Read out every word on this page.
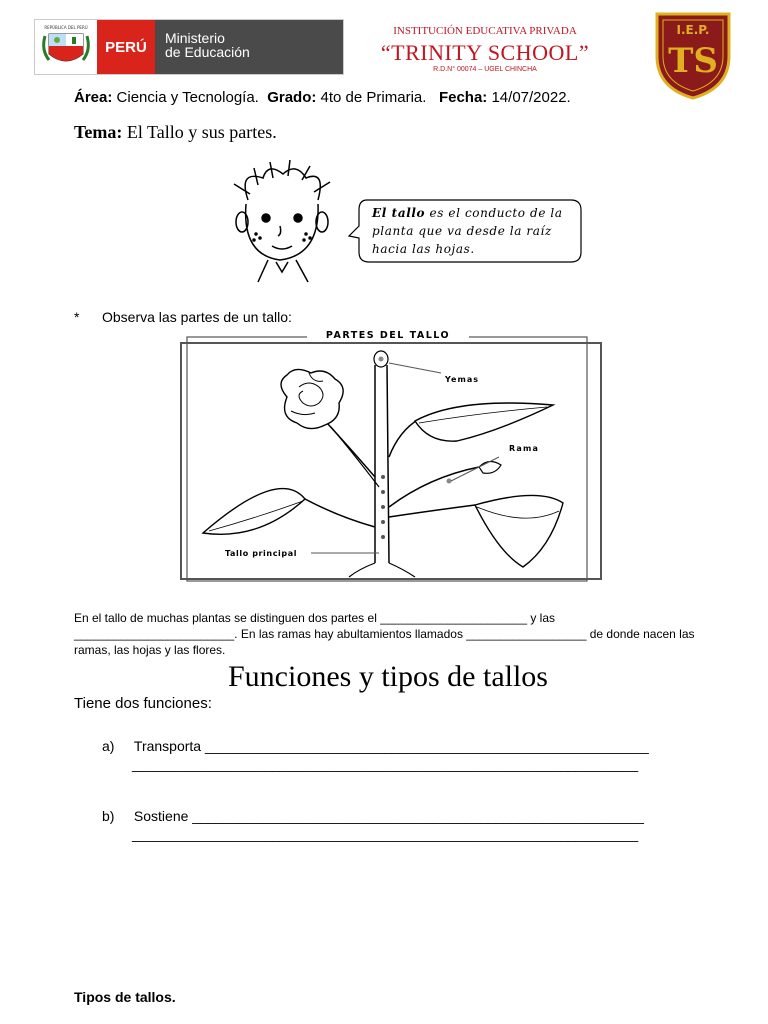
REPÚBLICA DEL PERÚ
PERÚ
Ministerio
de Educación
INSTITUCIÓN EDUCATIVA PRIVADA
“TRINITY SCHOOL”
R.D.N° 00074 – UGEL CHINCHA
I.E.P.
TS
Área: Ciencia y Tecnología. Grado: 4to de Primaria. Fecha: 14/07/2022.
Tema: El Tallo y sus partes.
El tallo es el conducto de la planta que va desde la raíz hacia las hojas.
* Observa las partes de un tallo:
PARTES DEL TALLO
Yemas
Rama
Tallo principal
En el tallo de muchas plantas se distinguen dos partes el ______________________ y las ________________________. En las ramas hay abultamientos llamados __________________ de donde nacen las ramas, las hojas y las flores.
Funciones y tipos de tallos
Tiene dos funciones:
a) Transporta _________________________________________________________
_________________________________________________________________
b) Sostiene __________________________________________________________
_________________________________________________________________
Tipos de tallos.
